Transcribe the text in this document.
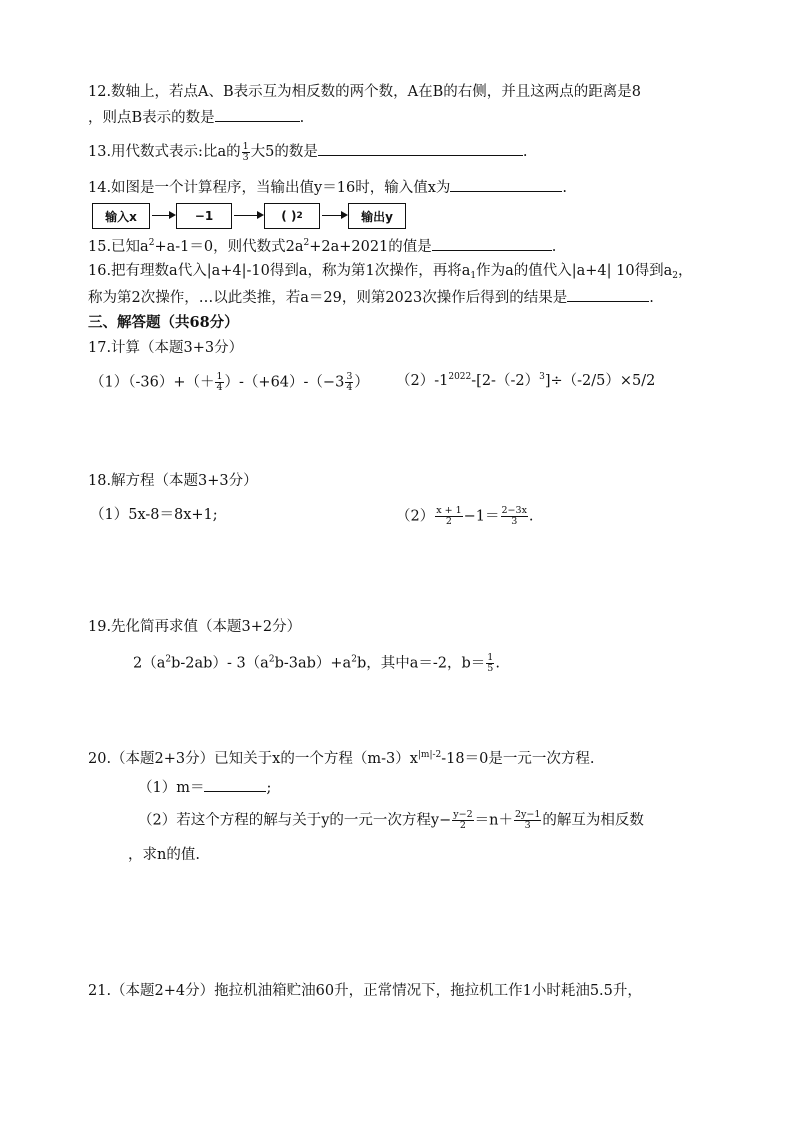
12.数轴上，若点A、B表示互为相反数的两个数，A在B的右侧，并且这两点的距离是8
，则点B表示的数是	.
13.用代数式表示:比a的 $\frac{1}{3}$ 大5的数是	.
14.如图是一个计算程序，当输出值y＝16时，输入值x为	.
输入x	−1	( ) 2	输出y
15.已知$a^2+a-1=0$，则代数式$2a^2+2a+2021$的值是	.
16.把有理数a代入|a+4|-10得到a，称为第1次操作，再将$a_1$作为a的值代入|a+4| 10得到$a_2$，
称为第2次操作，…以此类推，若a＝29，则第2023次操作后得到的结果是	.
三、解答题（共68分）
17.计算（本题3+3分）
$(1)(-36)+(+ \frac{1}{4} )-(+64)-(-3 \frac{3}{4}$ ） $(2)-1^{2022}-[2-(-2)^3]\div(-2/5)\times 5/2$
18.解方程（本题3+3分）
（1）5x-8＝8x+1;	$(2) \frac{x + 1}{2} -1= \frac{2-3x}{3}$ .
19.先化简再求值（本题3+2分）
$2(a^2b-2ab)-$ $3(a^2b-3ab)+a^2b$，其中a＝-2，$b= \frac{1}{5}$ .
20.（本题2+3分）已知关于x的一个方程$(m-3)x^{|m|-2}-18=0$是一元一次方程.
（1）m＝	;
（2）若这个方程的解与关于y的一元一次方程$y- \frac{y-2}{2} =n+ \frac{2y-1}{3}$ 的解互为相反数
，求n的值.
21.（本题2+4分）拖拉机油箱贮油60升，正常情况下，拖拉机工作1小时耗油5.5升，
